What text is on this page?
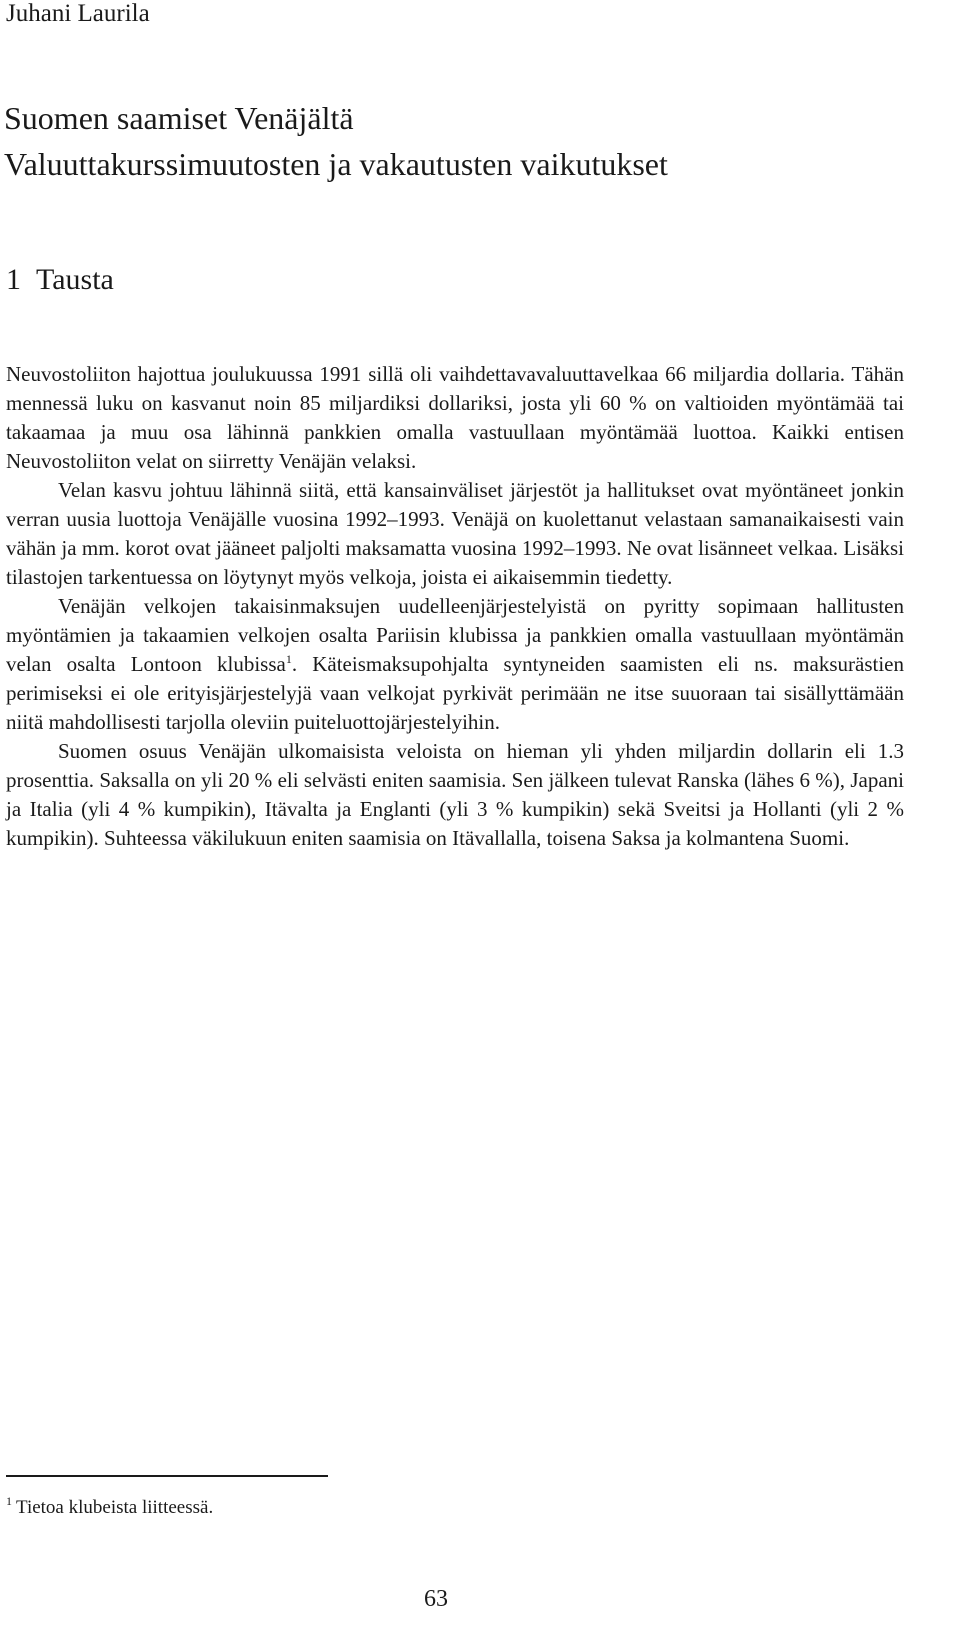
Juhani Laurila
Suomen saamiset Venäjältä
Valuuttakurssimuutosten ja vakautusten vaikutukset
1 Tausta

Neuvostoliiton hajottua joulukuussa 1991 sillä oli vaihdettavavaluuttavelkaa 66 miljardia dollaria. Tähän mennessä luku on kasvanut noin 85 miljardiksi dollariksi, josta yli 60 % on valtioiden myöntämää tai takaamaa ja muu osa lähinnä pankkien omalla vastuullaan myöntämää luottoa. Kaikki entisen Neuvostoliiton velat on siirretty Venäjän velaksi.

Velan kasvu johtuu lähinnä siitä, että kansainväliset järjestöt ja hallitukset ovat myöntäneet jonkin verran uusia luottoja Venäjälle vuosina 1992–1993. Venäjä on kuolettanut velastaan samanaikaisesti vain vähän ja mm. korot ovat jääneet paljolti maksamatta vuosina 1992–1993. Ne ovat lisänneet velkaa. Lisäksi tilastojen tarkentuessa on löytynyt myös velkoja, joista ei aikaisemmin tiedetty.

Venäjän velkojen takaisinmaksujen uudelleenjärjestelyistä on pyritty sopimaan hallitusten myöntämien ja takaamien velkojen osalta Pariisin klubissa ja pankkien omalla vastuullaan myöntämän velan osalta Lontoon klubissa$^1$. Käteismaksupohjalta syntyneiden saamisten eli ns. maksurästien perimiseksi ei ole erityisjärjestelyjä vaan velkojat pyrkivät perimään ne itse suuoraan tai sisällyttämään niitä mahdollisesti tarjolla oleviin puiteluottojärjestelyihin.

Suomen osuus Venäjän ulkomaisista veloista on hieman yli yhden miljardin dollarin eli 1.3 prosenttia. Saksalla on yli 20 % eli selvästi eniten saamisia. Sen jälkeen tulevat Ranska (lähes 6 %), Japani ja Italia (yli 4 % kumpikin), Itävalta ja Englanti (yli 3 % kumpikin) sekä Sveitsi ja Hollanti (yli 2 % kumpikin). Suhteessa väkilukuun eniten saamisia on Itävallalla, toisena Saksa ja kolmantena Suomi.

$^1$ Tietoa klubeista liitteessä.
63
